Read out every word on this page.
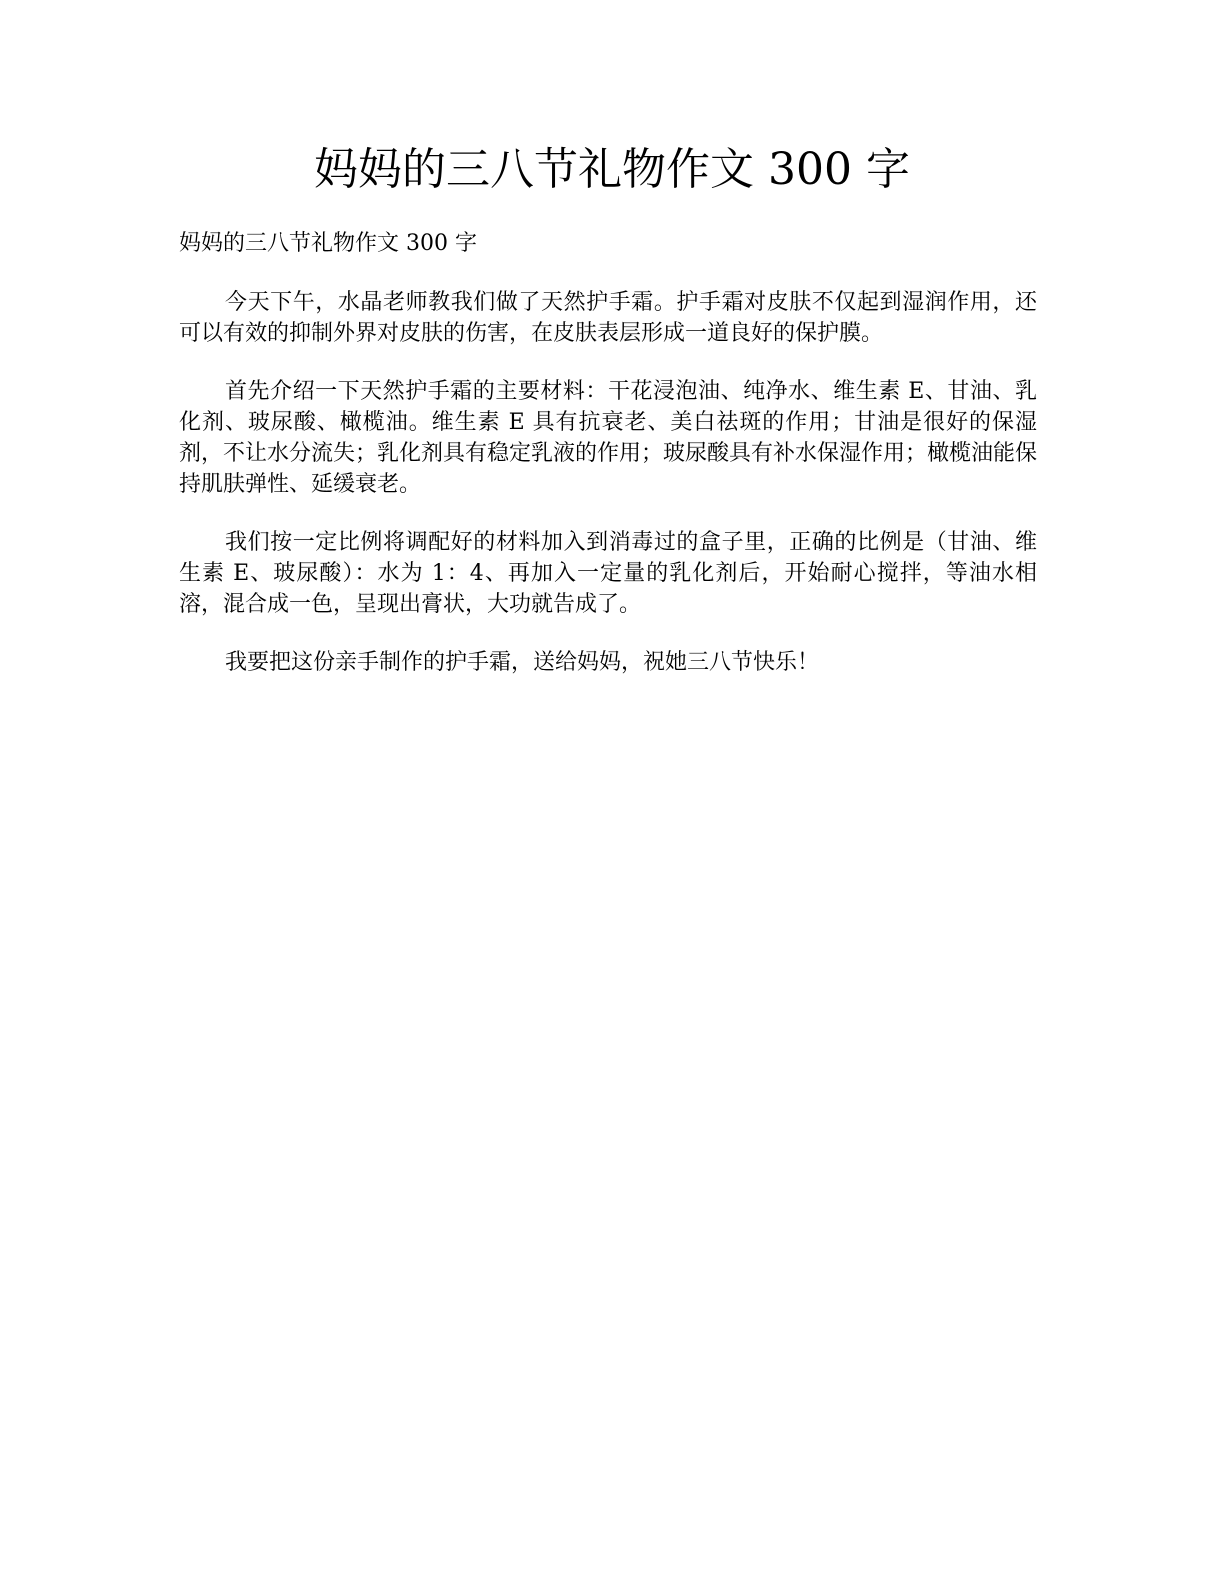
妈妈的三八节礼物作文 300 字

妈妈的三八节礼物作文 300 字

今天下午，水晶老师教我们做了天然护手霜。护手霜对皮肤不仅起到湿润作用，还可以有效的抑制外界对皮肤的伤害，在皮肤表层形成一道良好的保护膜。

首先介绍一下天然护手霜的主要材料：干花浸泡油、纯净水、维生素 E、甘油、乳化剂、玻尿酸、橄榄油。维生素 E 具有抗衰老、美白祛斑的作用；甘油是很好的保湿剂，不让水分流失；乳化剂具有稳定乳液的作用；玻尿酸具有补水保湿作用；橄榄油能保持肌肤弹性、延缓衰老。

我们按一定比例将调配好的材料加入到消毒过的盒子里，正确的比例是（甘油、维生素 E、玻尿酸）：水为 1：4、再加入一定量的乳化剂后，开始耐心搅拌，等油水相溶，混合成一色，呈现出膏状，大功就告成了。

我要把这份亲手制作的护手霜，送给妈妈，祝她三八节快乐！
